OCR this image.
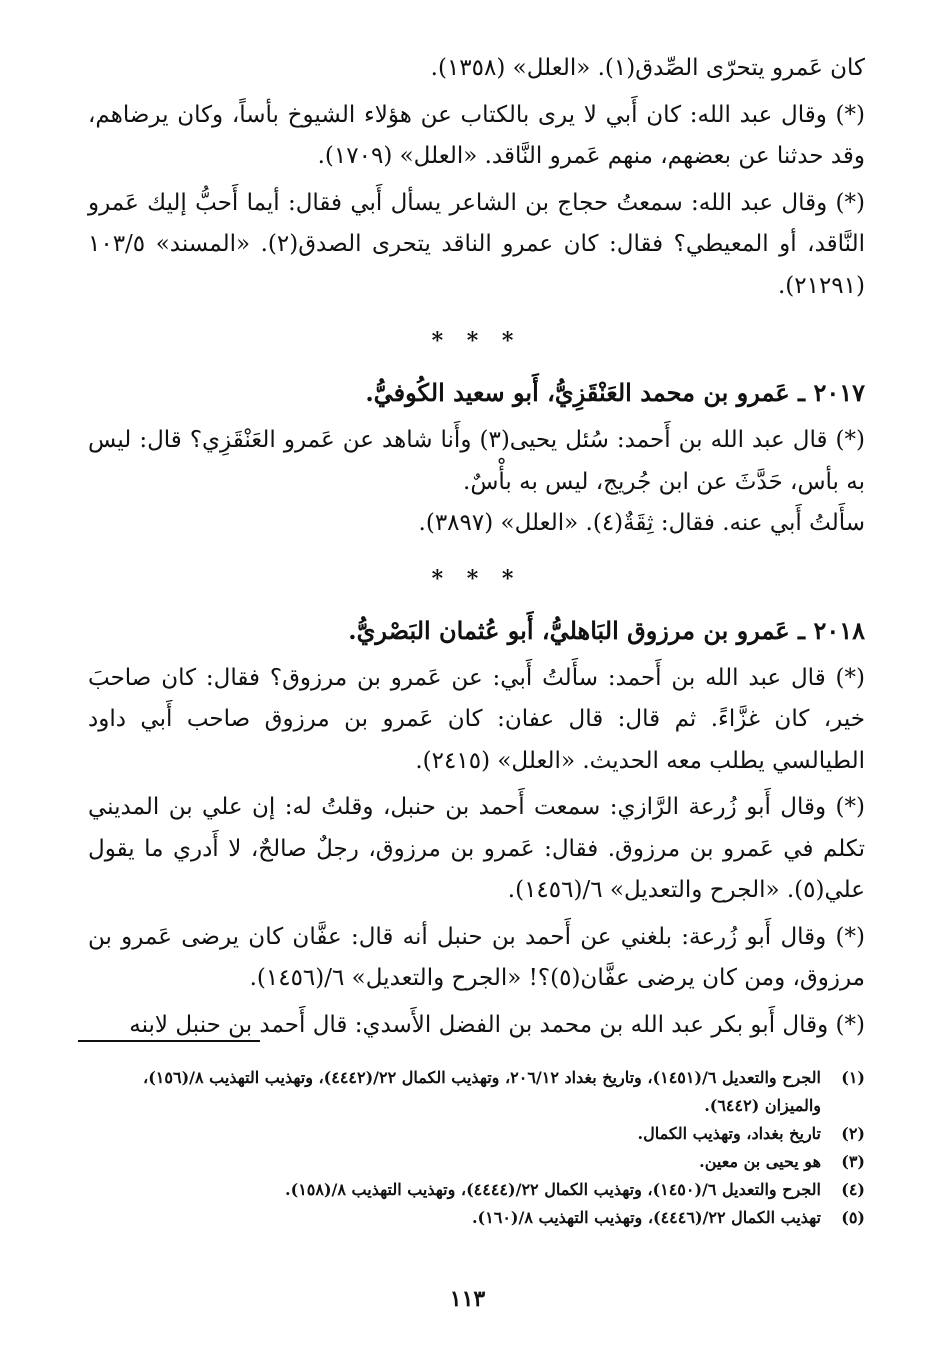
كان عَمرو يتحرّى الصِّدق(١). «العلل» (١٣٥٨).

(*) وقال عبد الله: كان أَبي لا يرى بالكتاب عن هؤلاء الشيوخ بأساً، وكان يرضاهم، وقد حدثنا عن بعضهم، منهم عَمرو النَّاقد. «العلل» (١٧٠٩).

(*) وقال عبد الله: سمعتُ حجاج بن الشاعر يسأل أَبي فقال: أيما أَحبُّ إليك عَمرو النَّاقد، أو المعيطي؟ فقال: كان عمرو الناقد يتحرى الصدق(٢). «المسند» ١٠٣/٥ (٢١٢٩١).

* * *

٢٠١٧ ـ عَمرو بن محمد العَنْقَزِيُّ، أَبو سعيد الكُوفيُّ.

(*) قال عبد الله بن أَحمد: سُئل يحيى(٣) وأَنا شاهد عن عَمرو العَنْقَزِي؟ قال: ليس به بأس، حَدَّثَ عن ابن جُريج، ليس به بأْسٌ.

سأَلتُ أَبي عنه. فقال: ثِقَةٌ(٤). «العلل» (٣٨٩٧).

* * *

٢٠١٨ ـ عَمرو بن مرزوق البَاهليُّ، أَبو عُثمان البَصْريُّ.

(*) قال عبد الله بن أَحمد: سأَلتُ أَبي: عن عَمرو بن مرزوق؟ فقال: كان صاحبَ خير، كان غزَّاءً. ثم قال: قال عفان: كان عَمرو بن مرزوق صاحب أَبي داود الطيالسي يطلب معه الحديث. «العلل» (٢٤١٥).

(*) وقال أَبو زُرعة الرَّازي: سمعت أَحمد بن حنبل، وقلتُ له: إن علي بن المديني تكلم في عَمرو بن مرزوق. فقال: عَمرو بن مرزوق، رجلٌ صالحٌ، لا أَدري ما يقول علي(٥). «الجرح والتعديل» ٦/(١٤٥٦).

(*) وقال أَبو زُرعة: بلغني عن أَحمد بن حنبل أنه قال: عفَّان كان يرضى عَمرو بن مرزوق، ومن كان يرضى عفَّان(٥)؟! «الجرح والتعديل» ٦/(١٤٥٦).

(*) وقال أَبو بكر عبد الله بن محمد بن الفضل الأَسدي: قال أَحمد بن حنبل لابنه

(١)
الجرح والتعديل ٦/(١٤٥١)، وتاريخ بغداد ٢٠٦/١٢، وتهذيب الكمال ٢٢/(٤٤٤٢)، وتهذيب التهذيب ٨/(١٥٦)، والميزان (٦٤٤٢).
(٢)
تاريخ بغداد، وتهذيب الكمال.
(٣)
هو يحيى بن معين.
(٤)
الجرح والتعديل ٦/(١٤٥٠)، وتهذيب الكمال ٢٢/(٤٤٤٤)، وتهذيب التهذيب ٨/(١٥٨).
(٥)
تهذيب الكمال ٢٢/(٤٤٤٦)، وتهذيب التهذيب ٨/(١٦٠).
١١٣
